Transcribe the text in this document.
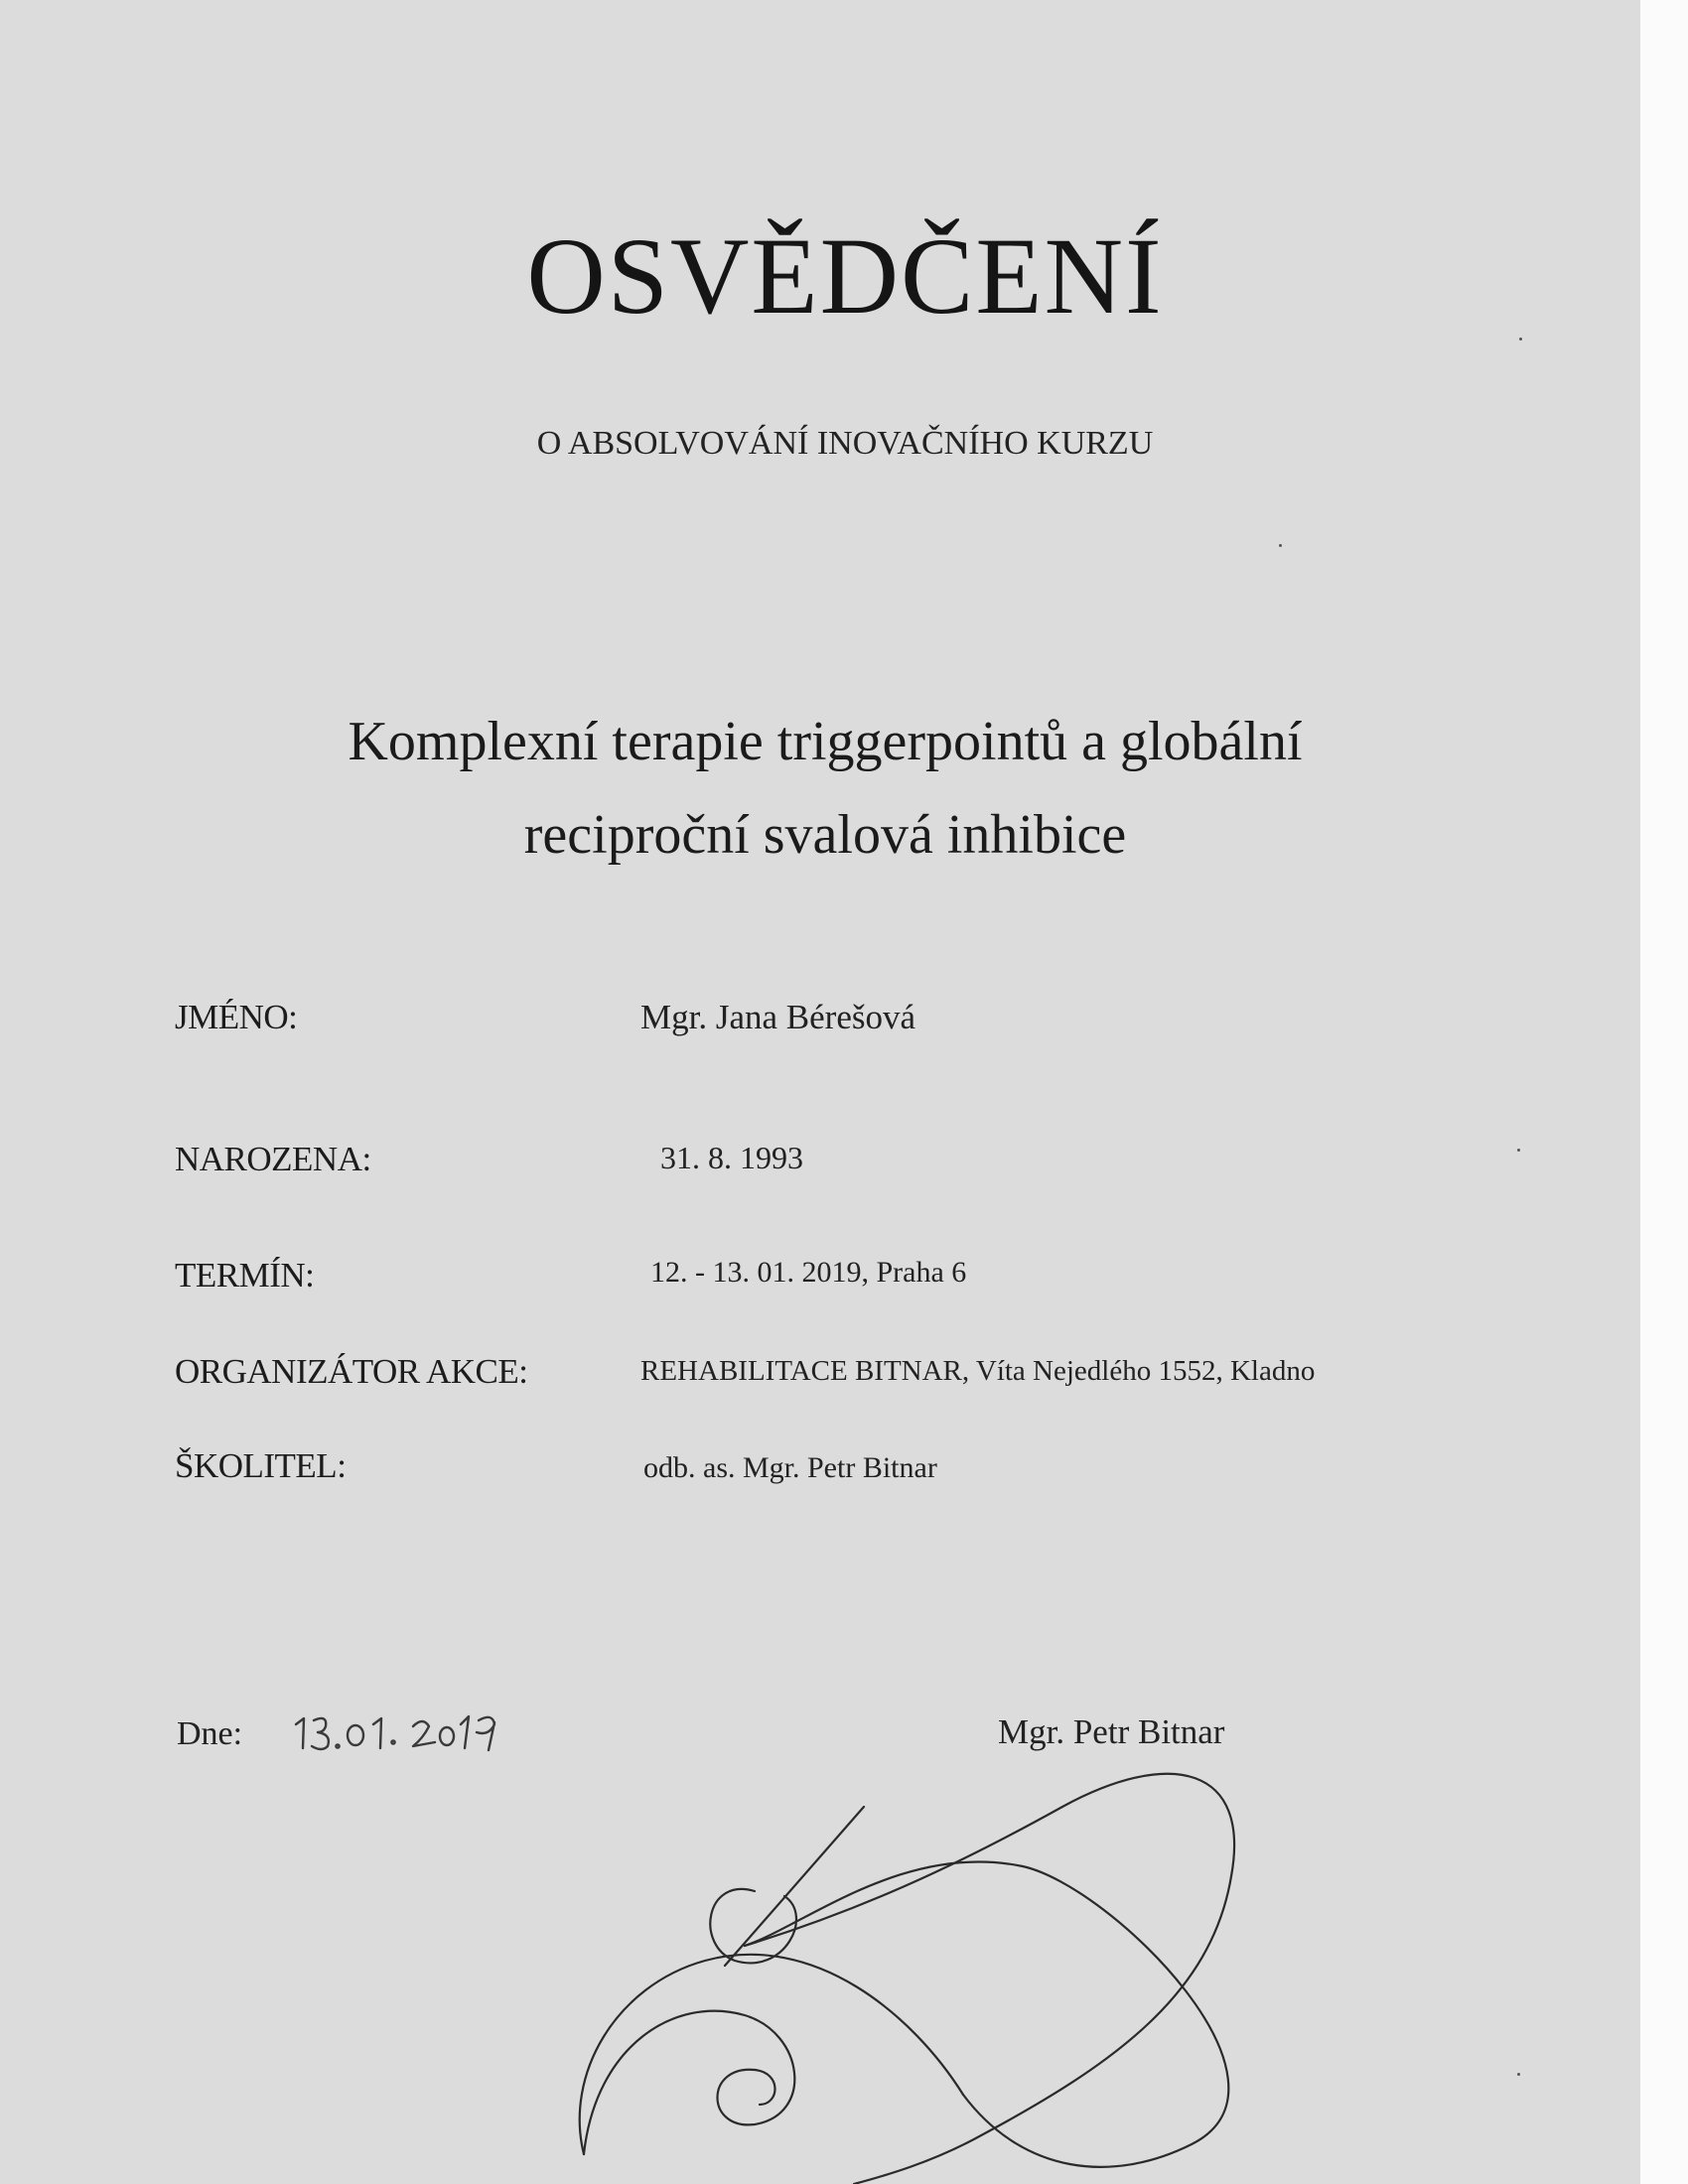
OSVĚDČENÍ
O ABSOLVOVÁNÍ INOVAČNÍHO KURZU
Komplexní terapie triggerpointů a globální
reciproční svalová inhibice
JMÉNO:	Mgr. Jana Bérešová
NAROZENA:	31. 8. 1993
TERMÍN:	12. - 13. 01. 2019, Praha 6
ORGANIZÁTOR AKCE:	REHABILITACE BITNAR, Víta Nejedlého 1552, Kladno
ŠKOLITEL:	odb. as. Mgr. Petr Bitnar
Dne:	Mgr. Petr Bitnar
